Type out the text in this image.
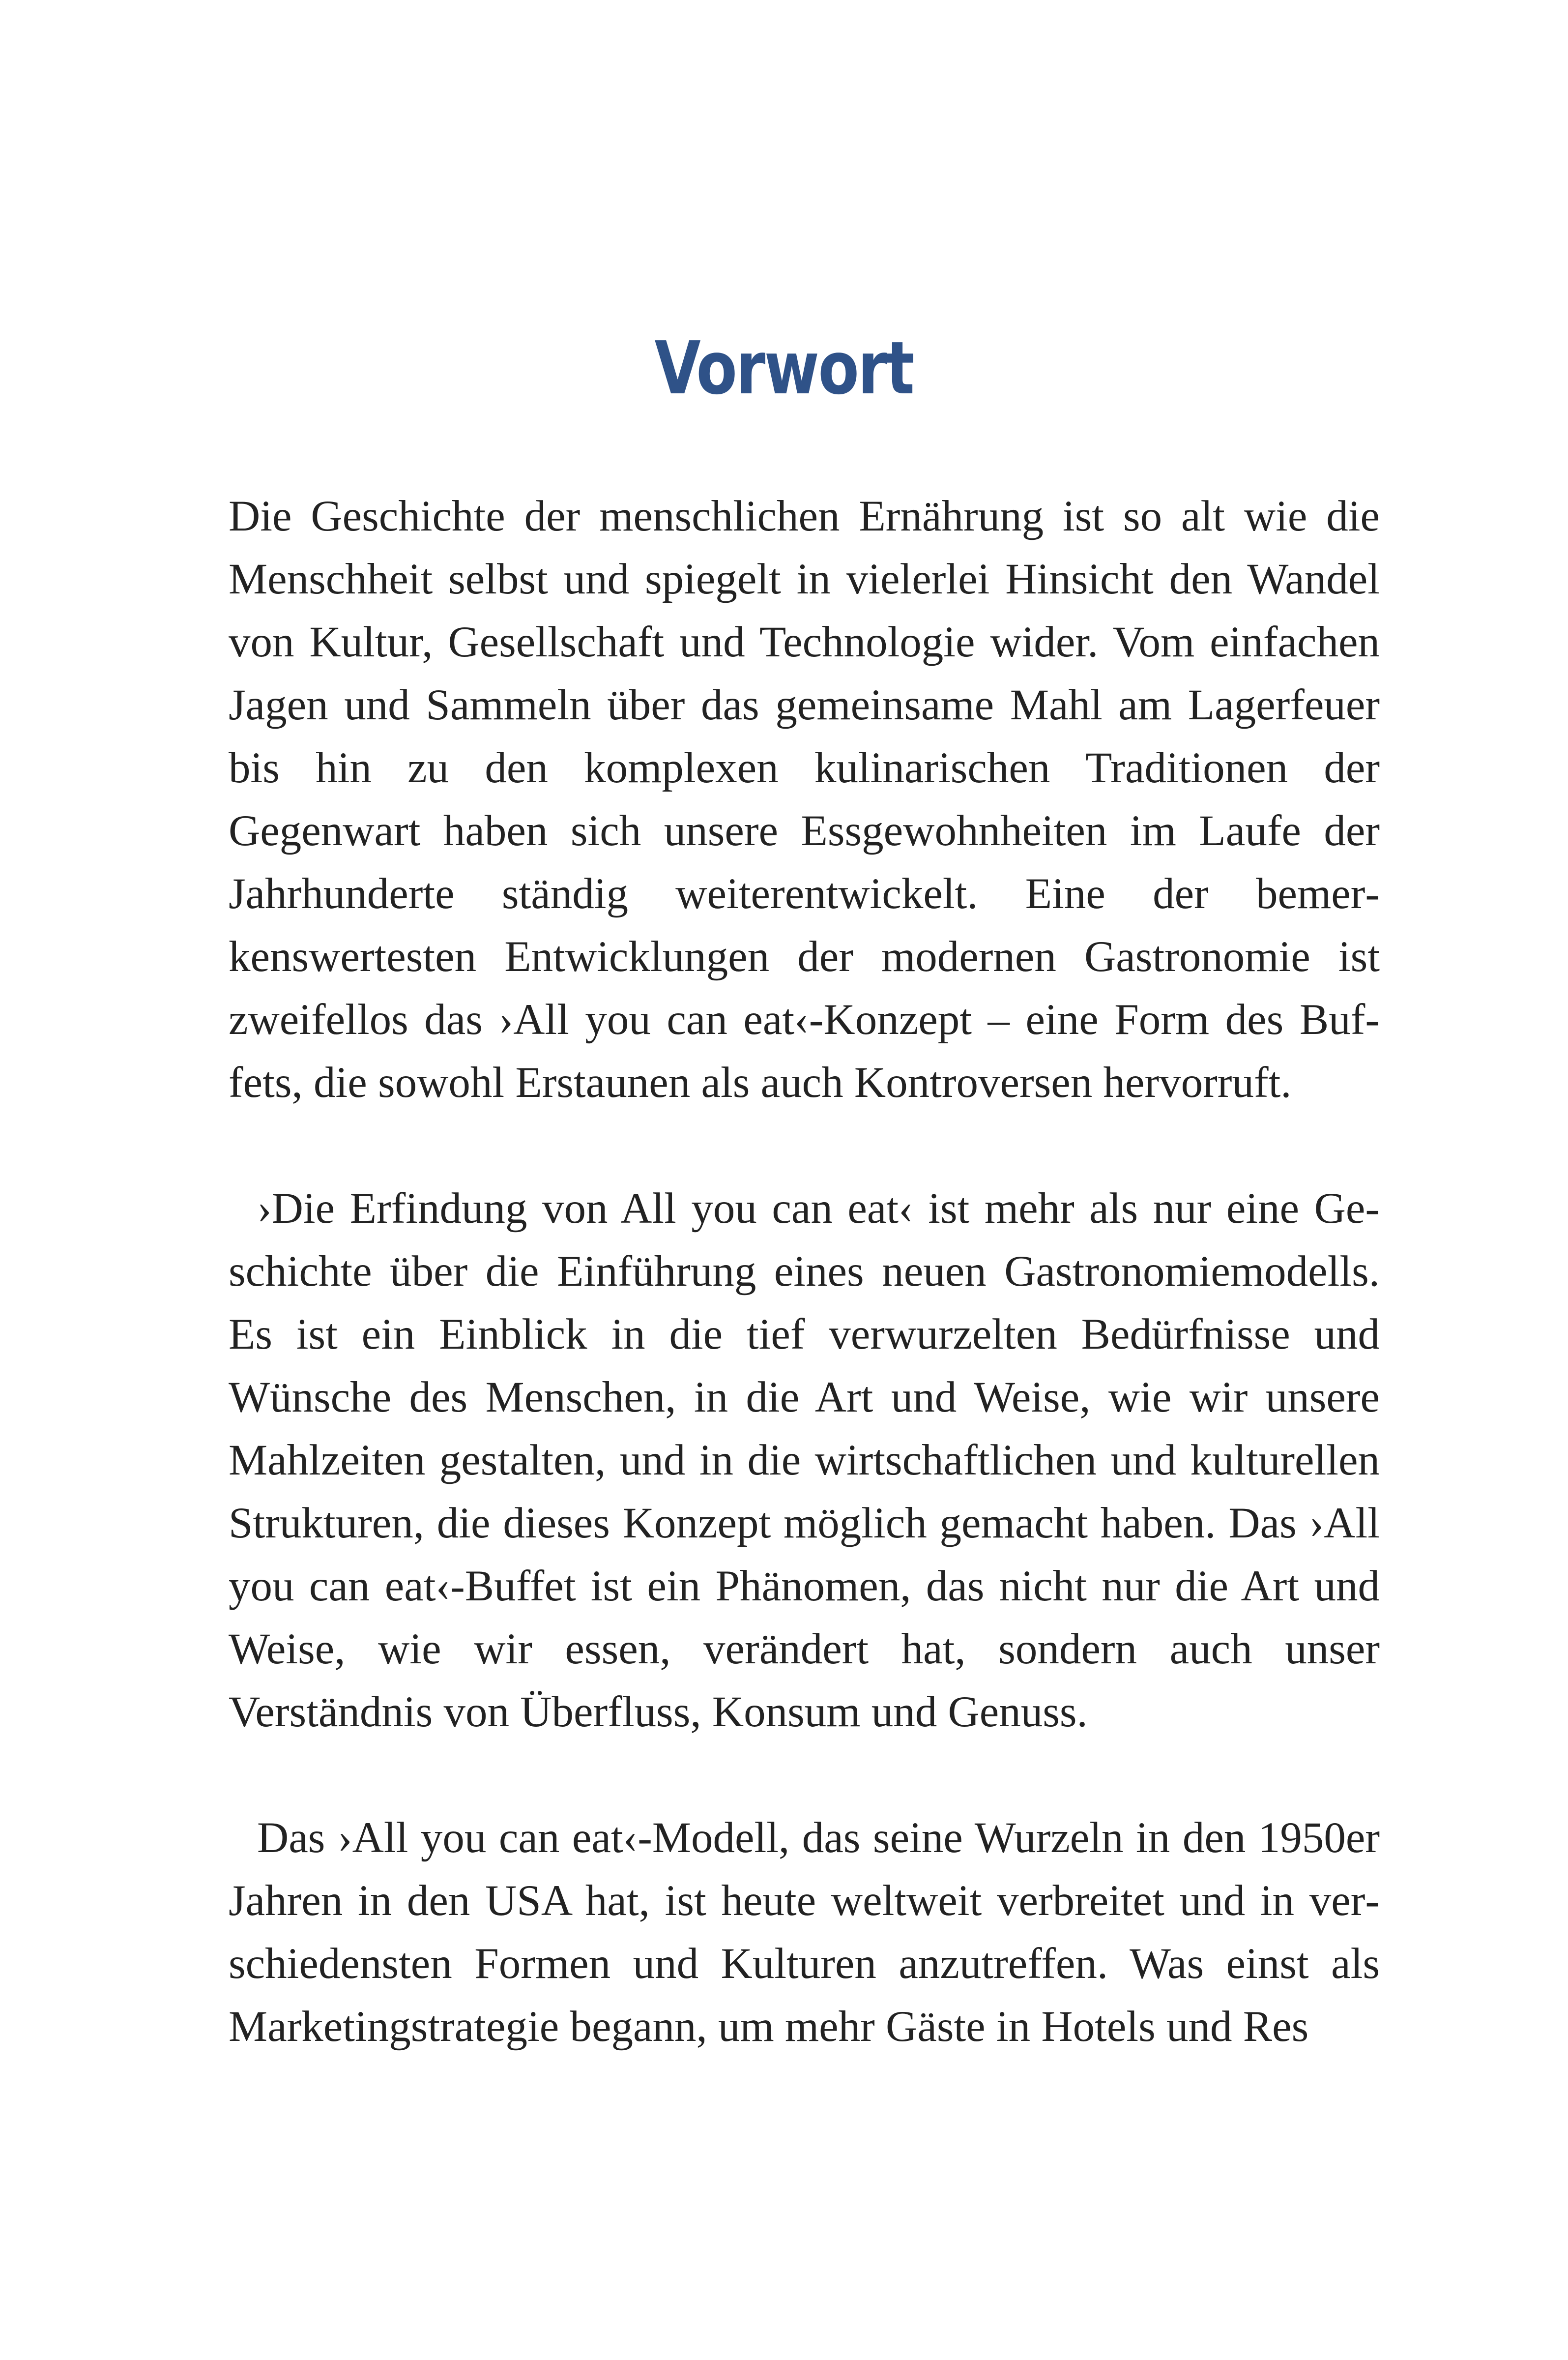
Vorwort

Die Geschichte der menschlichen Ernährung ist so alt wie die Menschheit selbst und spiegelt in vielerlei Hinsicht den Wandel von Kultur, Gesellschaft und Technologie wider. Vom einfachen Jagen und Sammeln über das gemeinsame Mahl am Lagerfeuer bis hin zu den komplexen kulinarischen Traditionen der Gegenwart haben sich unsere Essgewohnheiten im Laufe der Jahrhunderte ständig weiterentwickelt. Eine der bemerkenswertesten Entwicklungen der modernen Gastronomie ist zweifellos das ›All you can eat‹-Konzept – eine Form des Buffets, die sowohl Erstaunen als auch Kontroversen hervorruft.

›Die Erfindung von All you can eat‹ ist mehr als nur eine Geschichte über die Einführung eines neuen Gastronomiemodells. Es ist ein Einblick in die tief verwurzelten Bedürfnisse und Wünsche des Menschen, in die Art und Weise, wie wir unsere Mahlzeiten gestalten, und in die wirtschaftlichen und kulturellen Strukturen, die dieses Konzept möglich gemacht haben. Das ›All you can eat‹-Buffet ist ein Phänomen, das nicht nur die Art und Weise, wie wir essen, verändert hat, sondern auch unser Verständnis von Überfluss, Konsum und Genuss.

Das ›All you can eat‹-Modell, das seine Wurzeln in den 1950er Jahren in den USA hat, ist heute weltweit verbreitet und in verschiedensten Formen und Kulturen anzutreffen. Was einst als Marketingstrategie begann, um mehr Gäste in Hotels und Res
